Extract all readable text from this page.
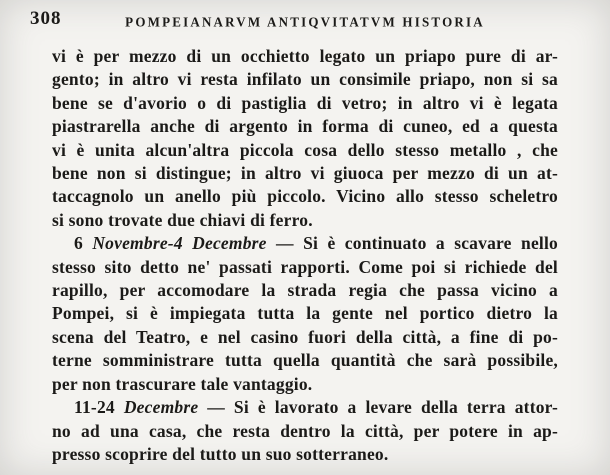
308	POMPEIANARVM ANTIQVITATVM HISTORIA
vi è per mezzo di un occhietto legato un priapo pure di ar-
gento; in altro vi resta infilato un consimile priapo, non si sa
bene se d'avorio o di pastiglia di vetro; in altro vi è legata
piastrarella anche di argento in forma di cuneo, ed a questa
vi è unita alcun'altra piccola cosa dello stesso metallo , che
bene non si distingue; in altro vi giuoca per mezzo di un at-
taccagnolo un anello più piccolo. Vicino allo stesso scheletro
si sono trovate due chiavi di ferro.
6 Novembre-4 Decembre — Si è continuato a scavare nello
stesso sito detto ne' passati rapporti. Come poi si richiede del
rapillo, per accomodare la strada regia che passa vicino a
Pompei, si è impiegata tutta la gente nel portico dietro la
scena del Teatro, e nel casino fuori della città, a fine di po-
terne somministrare tutta quella quantità che sarà possibile,
per non trascurare tale vantaggio.
11-24 Decembre — Si è lavorato a levare della terra attor-
no ad una casa, che resta dentro la città, per potere in ap-
presso scoprire del tutto un suo sotterraneo.
